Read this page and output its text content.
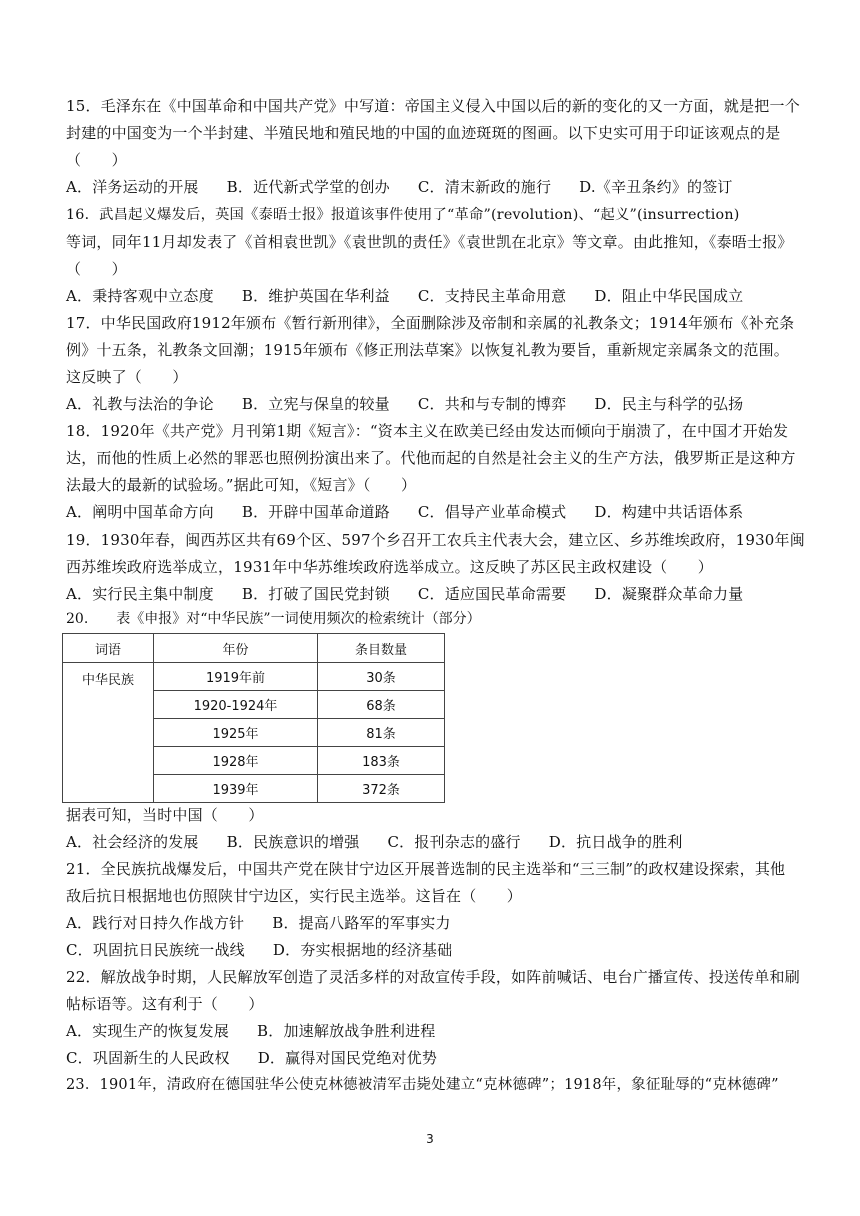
15．毛泽东在《中国革命和中国共产党》中写道：帝国主义侵入中国以后的新的变化的又一方面，就是把一个
封建的中国变为一个半封建、半殖民地和殖民地的中国的血迹斑斑的图画。以下史实可用于印证该观点的是
（　　）
A．洋务运动的开展 B．近代新式学堂的创办 C．清末新政的施行 D.《辛丑条约》的签订
16．武昌起义爆发后，英国《泰晤士报》报道该事件使用了“革命”(revolution)、“起义”(insurrection)
等词，同年11月却发表了《首相袁世凯》《袁世凯的责任》《袁世凯在北京》等文章。由此推知，《泰晤士报》
（　　）
A．秉持客观中立态度 B．维护英国在华利益 C．支持民主革命用意 D．阻止中华民国成立
17．中华民国政府1912年颁布《暂行新刑律》，全面删除涉及帝制和亲属的礼教条文；1914年颁布《补充条
例》十五条，礼教条文回潮；1915年颁布《修正刑法草案》以恢复礼教为要旨，重新规定亲属条文的范围。
这反映了（　　）
A．礼教与法治的争论 B．立宪与保皇的较量 C．共和与专制的博弈 D．民主与科学的弘扬
18．1920年《共产党》月刊第1期《短言》：“资本主义在欧美已经由发达而倾向于崩溃了，在中国才开始发
达，而他的性质上必然的罪恶也照例扮演出来了。代他而起的自然是社会主义的生产方法，俄罗斯正是这种方
法最大的最新的试验场。”据此可知，《短言》（　　）
A．阐明中国革命方向 B．开辟中国革命道路 C．倡导产业革命模式 D．构建中共话语体系
19．1930年春，闽西苏区共有69个区、597个乡召开工农兵主代表大会，建立区、乡苏维埃政府，1930年闽
西苏维埃政府选举成立，1931年中华苏维埃政府选举成立。这反映了苏区民主政权建设（　　）
A．实行民主集中制度 B．打破了国民党封锁 C．适应国民革命需要 D．凝聚群众革命力量
20.　　表《申报》对“中华民族”一词使用频次的检索统计（部分）
词语	年份	条目数量
中华民族	1919年前	30条
	1920-1924年	68条
	1925年	81条
	1928年	183条
	1939年	372条
据表可知，当时中国（　　）
A．社会经济的发展 B．民族意识的增强 C．报刊杂志的盛行 D．抗日战争的胜利
21．全民族抗战爆发后，中国共产党在陕甘宁边区开展普选制的民主选举和“三三制”的政权建设探索，其他
敌后抗日根据地也仿照陕甘宁边区，实行民主选举。这旨在（　　）
A．践行对日持久作战方针 B．提高八路军的军事实力
C．巩固抗日民族统一战线 D．夯实根据地的经济基础
22．解放战争时期，人民解放军创造了灵活多样的对敌宣传手段，如阵前喊话、电台广播宣传、投送传单和刷
帖标语等。这有利于（　　）
A．实现生产的恢复发展 B．加速解放战争胜利进程
C．巩固新生的人民政权 D．赢得对国民党绝对优势
23．1901年，清政府在德国驻华公使克林德被清军击毙处建立“克林德碑”；1918年，象征耻辱的“克林德碑”
3
